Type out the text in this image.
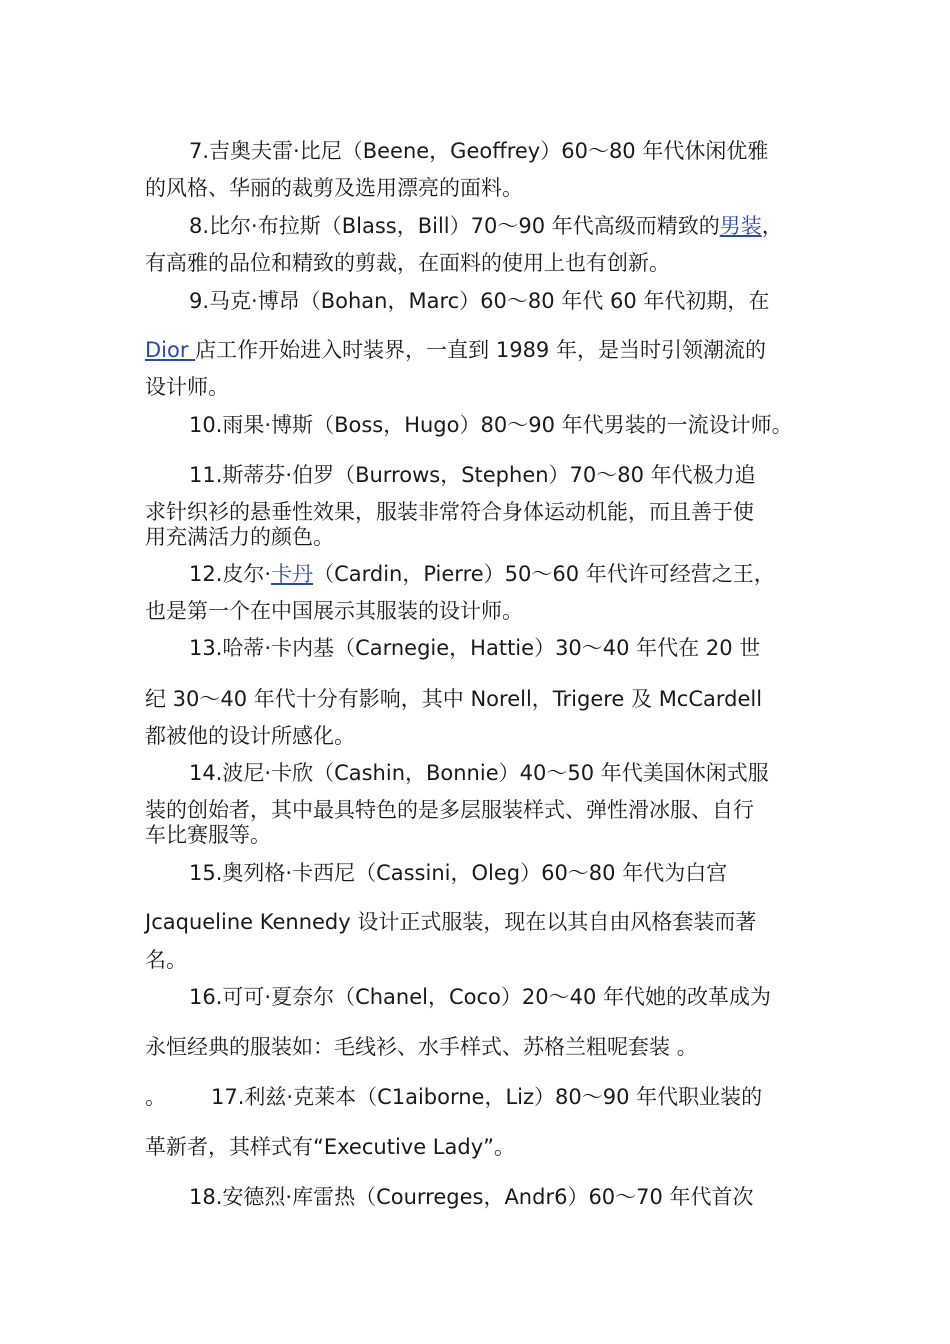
7.吉奥夫雷·比尼（Beene，Geoffrey）60～80 年代休闲优雅
的风格、华丽的裁剪及选用漂亮的面料。
8.比尔·布拉斯（Blass，Bill）70～90 年代高级而精致的男装，
有高雅的品位和精致的剪裁，在面料的使用上也有创新。
9.马克·博昂（Bohan，Marc）60～80 年代 60 年代初期，在
Dior 店工作开始进入时装界，一直到 1989 年，是当时引领潮流的
设计师。
10.雨果·博斯（Boss，Hugo）80～90 年代男装的一流设计师。
11.斯蒂芬·伯罗（Burrows，Stephen）70～80 年代极力追
求针织衫的悬垂性效果，服装非常符合身体运动机能，而且善于使
用充满活力的颜色。
12.皮尔·卡丹（Cardin，Pierre）50～60 年代许可经营之王，
也是第一个在中国展示其服装的设计师。
13.哈蒂·卡内基（Carnegie，Hattie）30～40 年代在 20 世
纪 30～40 年代十分有影响，其中 Norell，Trigere 及 McCardell
都被他的设计所感化。
14.波尼·卡欣（Cashin，Bonnie）40～50 年代美国休闲式服
装的创始者，其中最具特色的是多层服装样式、弹性滑冰服、自行
车比赛服等。
15.奥列格·卡西尼（Cassini，Oleg）60～80 年代为白宫
Jcaqueline Kennedy 设计正式服装，现在以其自由风格套装而著
名。
16.可可·夏奈尔（Chanel，Coco）20～40 年代她的改革成为
永恒经典的服装如：毛线衫、水手样式、苏格兰粗呢套装 。
。 17.利兹·克莱本（C1aiborne，Liz）80～90 年代职业装的
革新者，其样式有“Executive Lady”。
18.安德烈·库雷热（Courreges，Andr6）60～70 年代首次
